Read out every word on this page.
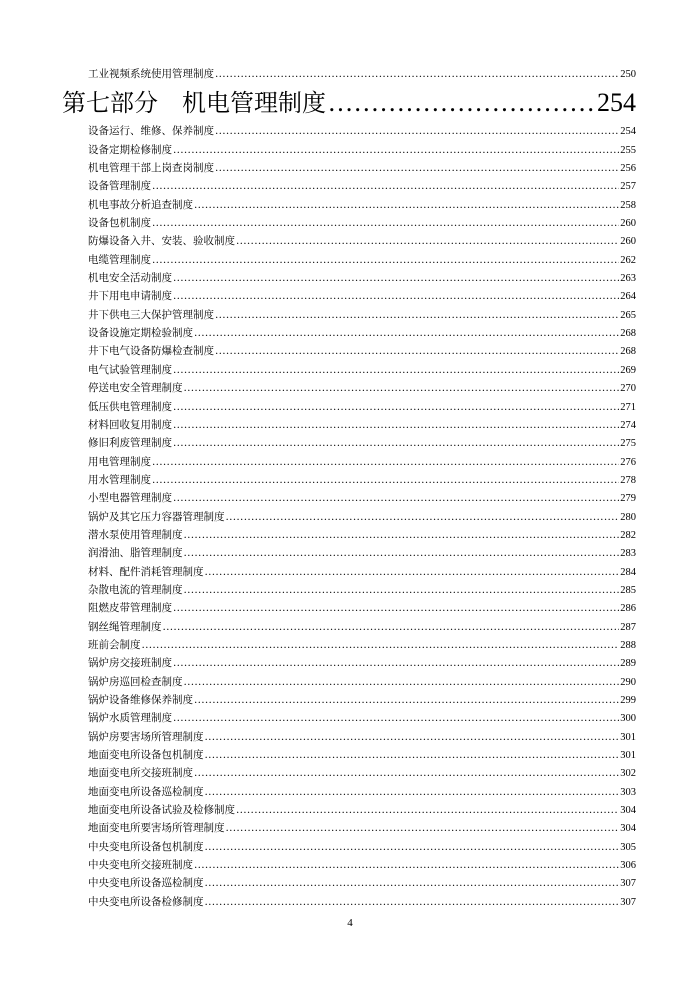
工业视频系统使用管理制度 .....	250
第七部分　机电管理制度 .....	254
设备运行、维修、保养制度 .....	254
设备定期检修制度 .....	255
机电管理干部上岗查岗制度 .....	256
设备管理制度 .....	257
机电事故分析追查制度 .....	258
设备包机制度 .....	260
防爆设备入井、安装、验收制度 .....	260
电缆管理制度 .....	262
机电安全活动制度 .....	263
井下用电申请制度 .....	264
井下供电三大保护管理制度 .....	265
设备设施定期检验制度 .....	268
井下电气设备防爆检查制度 .....	268
电气试验管理制度 .....	269
停送电安全管理制度 .....	270
低压供电管理制度 .....	271
材料回收复用制度 .....	274
修旧利废管理制度 .....	275
用电管理制度 .....	276
用水管理制度 .....	278
小型电器管理制度 .....	279
锅炉及其它压力容器管理制度 .....	280
潜水泵使用管理制度 .....	282
润滑油、脂管理制度 .....	283
材料、配件消耗管理制度 .....	284
杂散电流的管理制度 .....	285
阻燃皮带管理制度 .....	286
钢丝绳管理制度 .....	287
班前会制度 .....	288
锅炉房交接班制度 .....	289
锅炉房巡回检查制度 .....	290
锅炉设备维修保养制度 .....	299
锅炉水质管理制度 .....	300
锅炉房要害场所管理制度 .....	301
地面变电所设备包机制度 .....	301
地面变电所交接班制度 .....	302
地面变电所设备巡检制度 .....	303
地面变电所设备试验及检修制度 .....	304
地面变电所要害场所管理制度 .....	304
中央变电所设备包机制度 .....	305
中央变电所交接班制度 .....	306
中央变电所设备巡检制度 .....	307
中央变电所设备检修制度 .....	307
4
